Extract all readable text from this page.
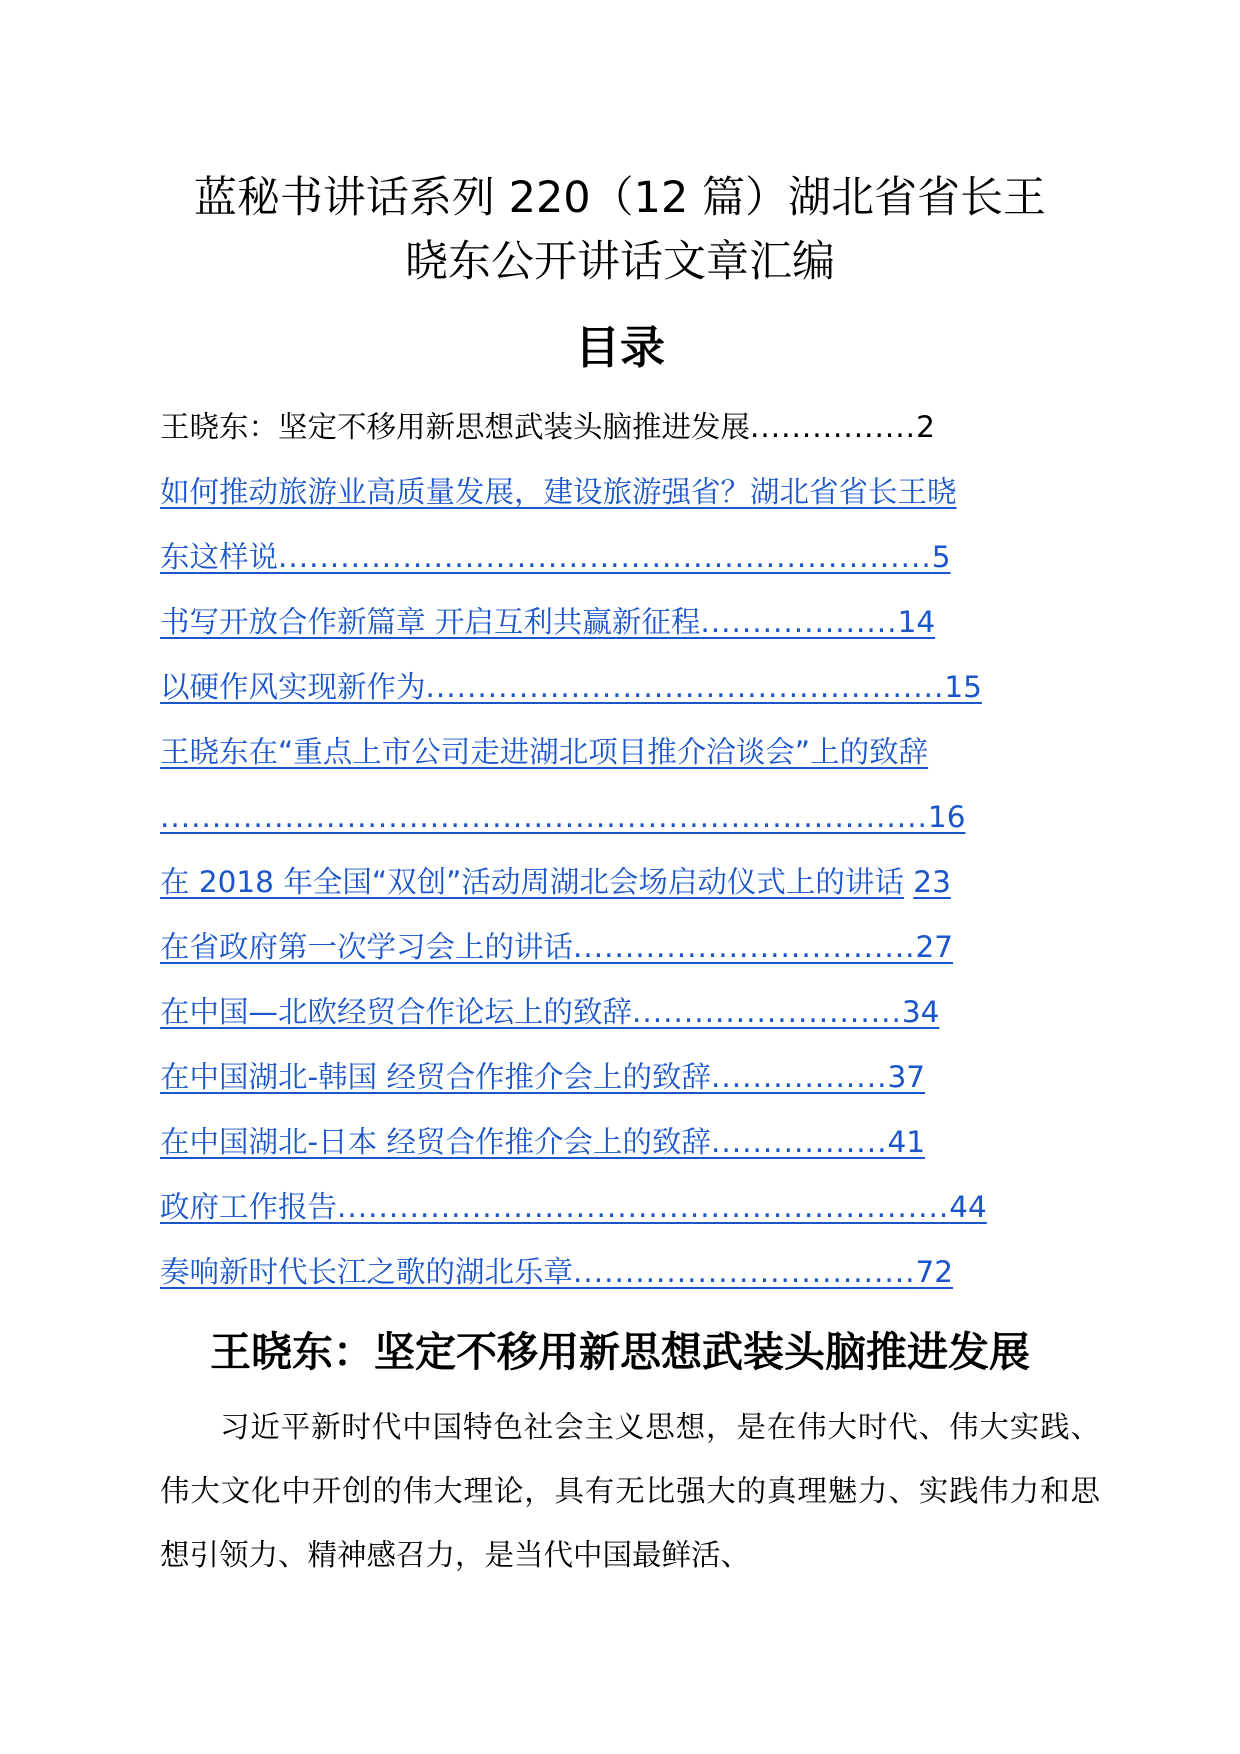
蓝秘书讲话系列 220（12 篇）湖北省省长王
晓东公开讲话文章汇编
目录
王晓东：坚定不移用新思想武装头脑推进发展................2
如何推动旅游业高质量发展，建设旅游强省？湖北省省长王晓
东这样说...............................................................5
书写开放合作新篇章 开启互利共赢新征程...................14
以硬作风实现新作为..................................................15
王晓东在“重点上市公司走进湖北项目推介洽谈会”上的致辞
..........................................................................16
在 2018 年全国“双创”活动周湖北会场启动仪式上的讲话 23
在省政府第一次学习会上的讲话.................................27
在中国—北欧经贸合作论坛上的致辞..........................34
在中国湖北-韩国 经贸合作推介会上的致辞.................37
在中国湖北-日本 经贸合作推介会上的致辞.................41
政府工作报告...........................................................44
奏响新时代长江之歌的湖北乐章.................................72
王晓东：坚定不移用新思想武装头脑推进发展

习近平新时代中国特色社会主义思想，是在伟大时代、伟大实践、伟大文化中开创的伟大理论，具有无比强大的真理魅力、实践伟力和思想引领力、精神感召力，是当代中国最鲜活、
